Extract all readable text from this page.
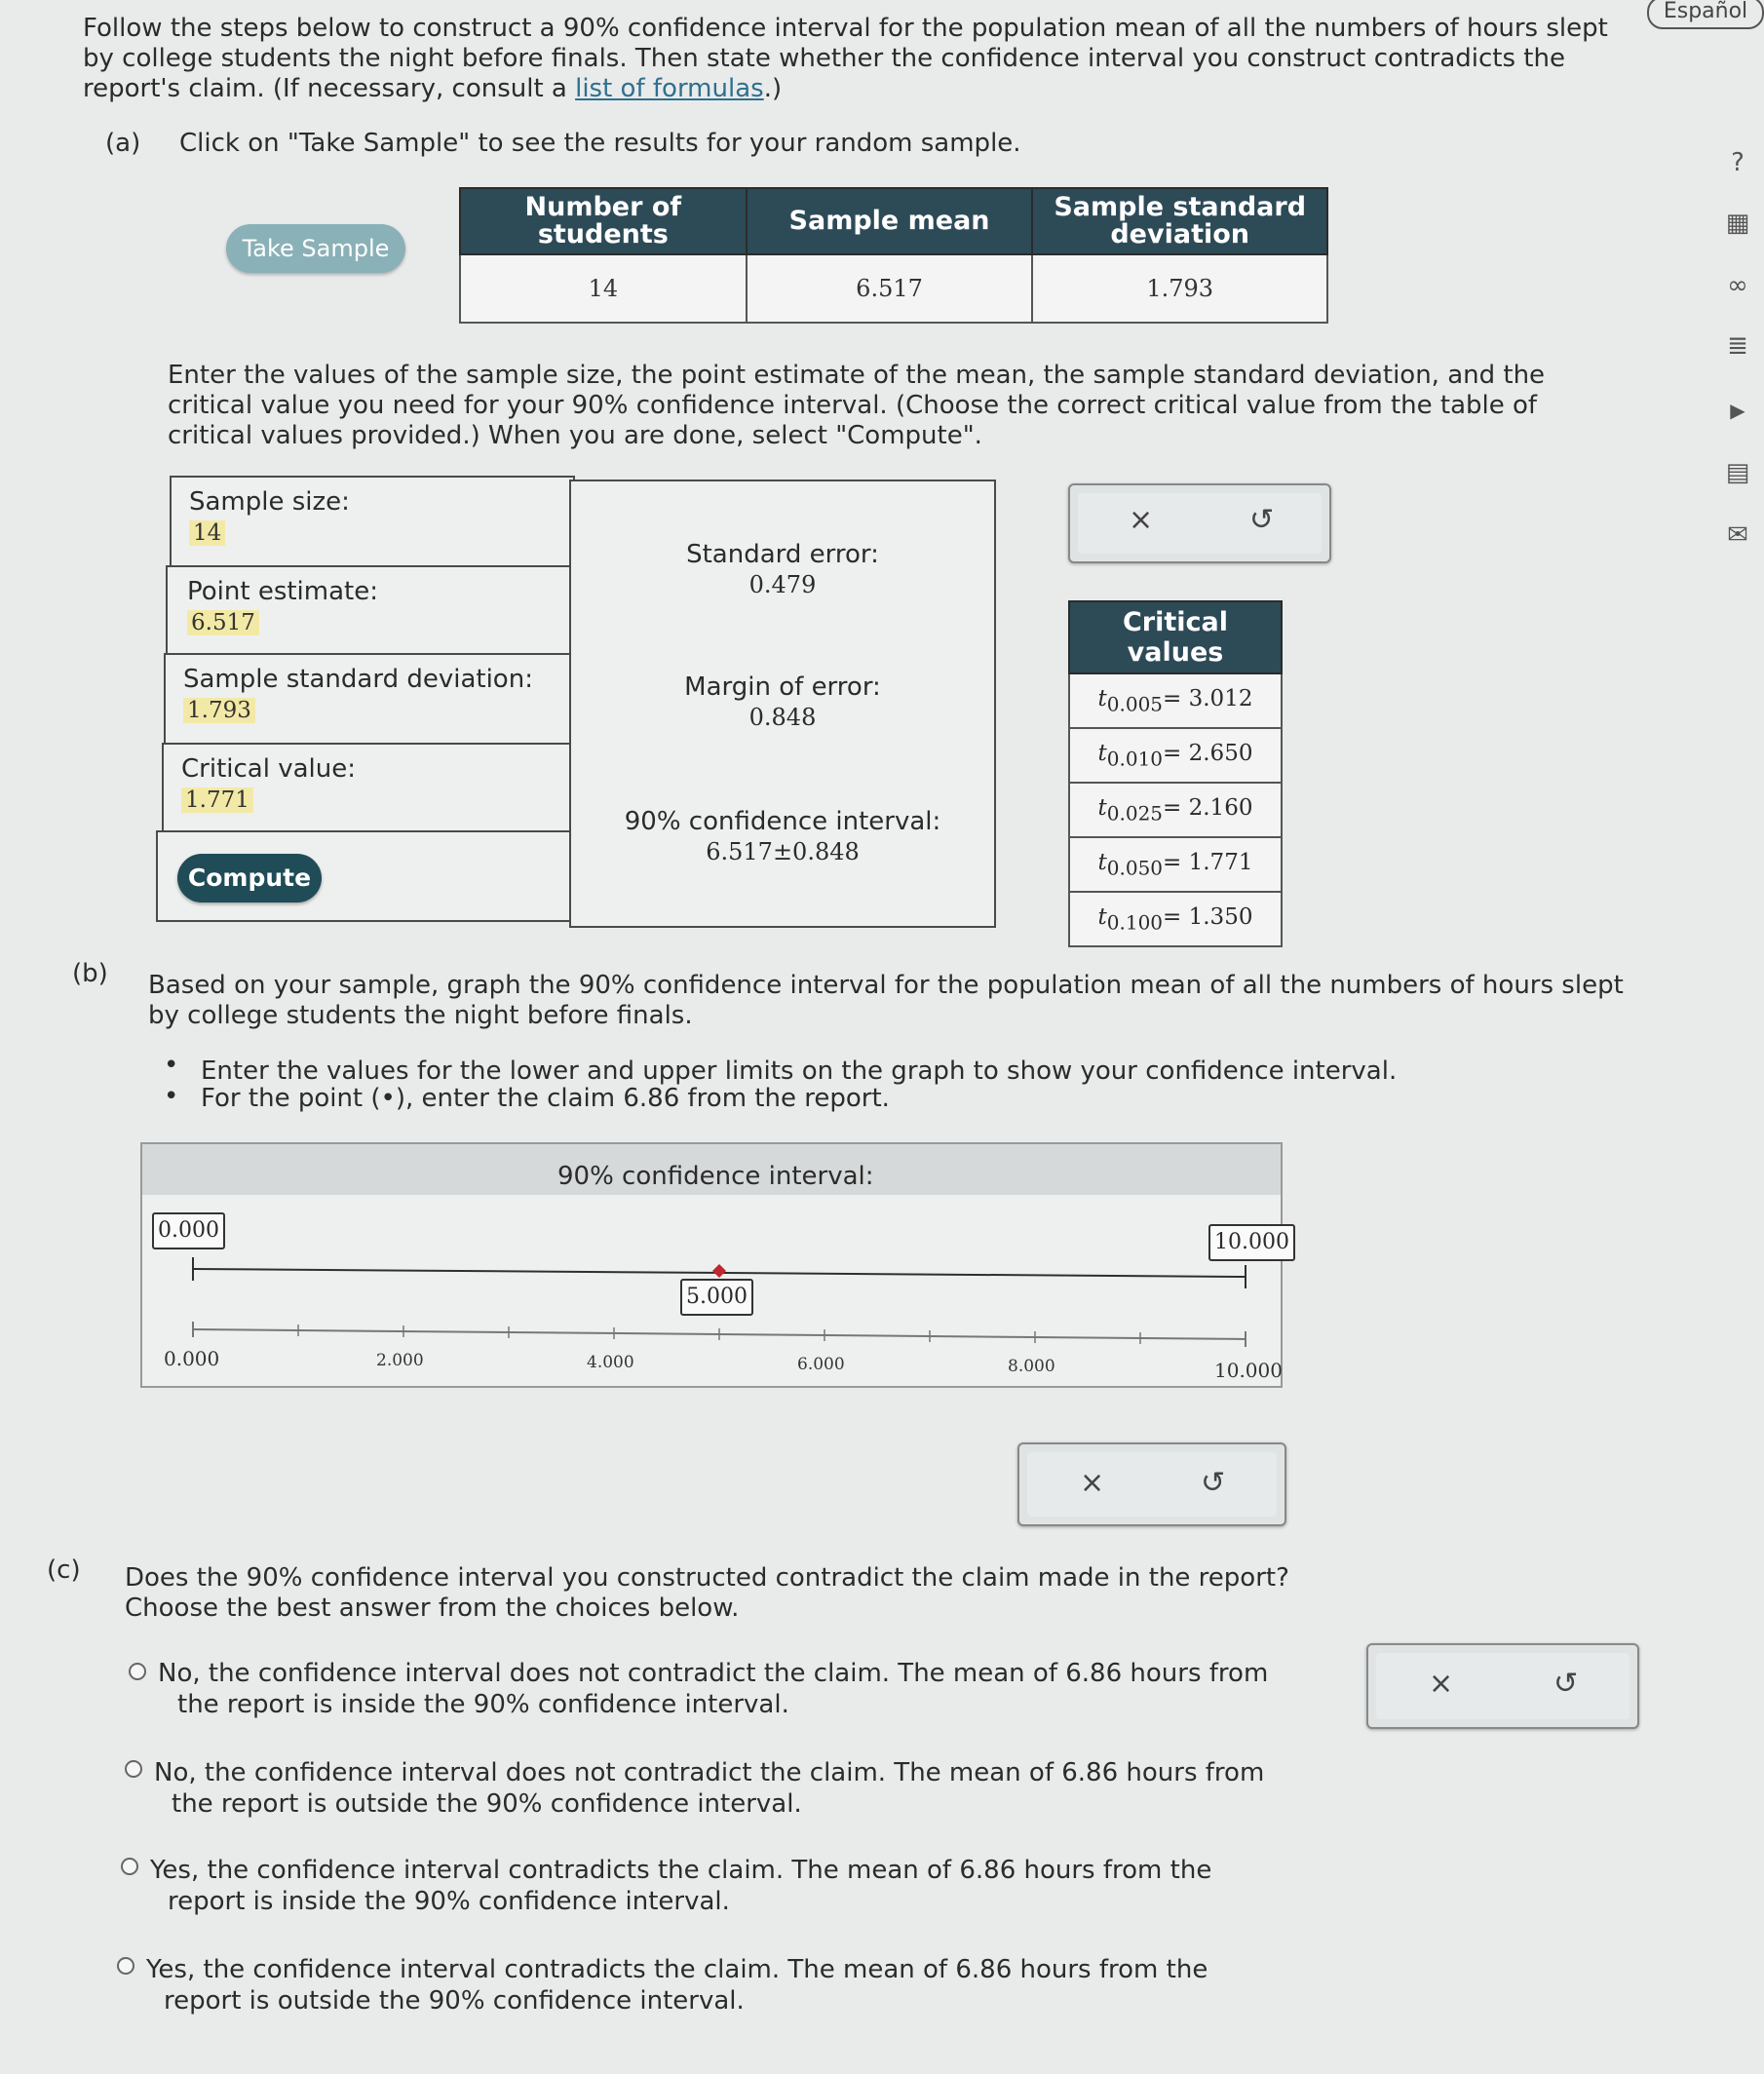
Español
Follow the steps below to construct a 90% confidence interval for the population mean of all the numbers of hours slept by college students the night before finals. Then state whether the confidence interval you construct contradicts the report's claim. (If necessary, consult a list of formulas.)
(a) Click on "Take Sample" to see the results for your random sample.
Take Sample
Number of students	Sample mean	Sample standard deviation
14	6.517	1.793
Enter the values of the sample size, the point estimate of the mean, the sample standard deviation, and the critical value you need for your 90% confidence interval. (Choose the correct critical value from the table of critical values provided.) When you are done, select "Compute".
Sample size:
14
Point estimate:
6.517
Sample standard deviation:
1.793
Critical value:
1.771
Compute
Standard error:
0.479
Margin of error:
0.848
90% confidence interval:
6.517±0.848
×	↺
Critical values
$t_{0.005}= 3.012$
$t_{0.010}= 2.650$
$t_{0.025}= 2.160$
$t_{0.050}= 1.771$
$t_{0.100}= 1.350$
(b) Based on your sample, graph the 90% confidence interval for the population mean of all the numbers of hours slept by college students the night before finals.
• Enter the values for the lower and upper limits on the graph to show your confidence interval.
• For the point (•), enter the claim 6.86 from the report.
90% confidence interval:
0.000	10.000
5.000
0.000	2.000	4.000	6.000	8.000	10.000
×	↺
(c) Does the 90% confidence interval you constructed contradict the claim made in the report? Choose the best answer from the choices below.
No, the confidence interval does not contradict the claim. The mean of 6.86 hours from
the report is inside the 90% confidence interval.
No, the confidence interval does not contradict the claim. The mean of 6.86 hours from
the report is outside the 90% confidence interval.
Yes, the confidence interval contradicts the claim. The mean of 6.86 hours from the
report is inside the 90% confidence interval.
Yes, the confidence interval contradicts the claim. The mean of 6.86 hours from the
report is outside the 90% confidence interval.
×	↺
?
▦
∞
≣
▶
▤
✉
